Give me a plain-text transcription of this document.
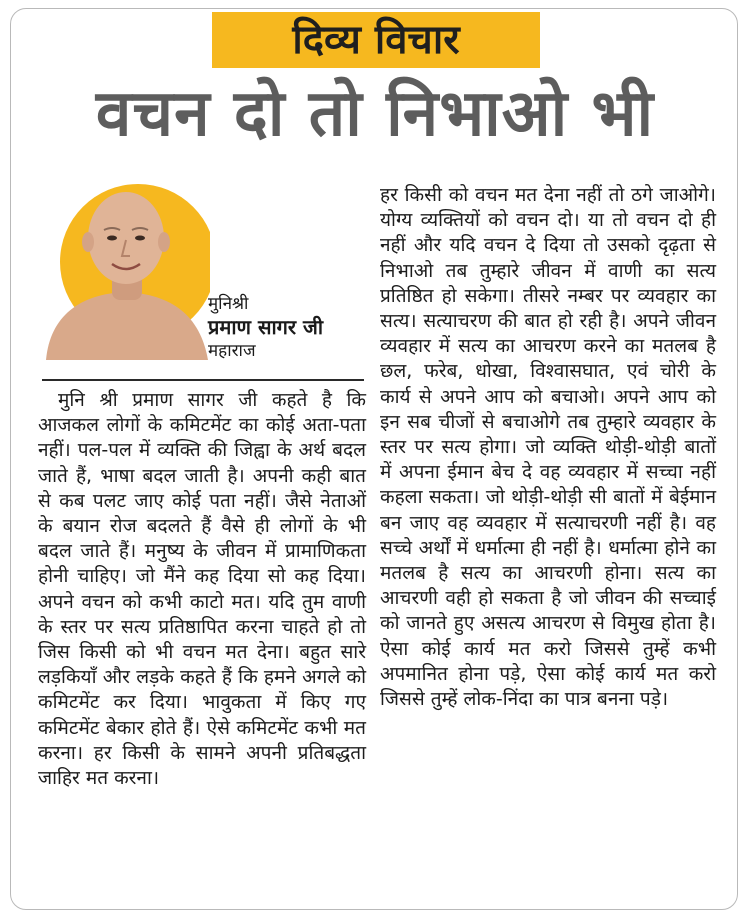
दिव्य विचार
वचन दो तो निभाओ भी
मुनिश्री
प्रमाण सागर जी
महाराज

मुनि श्री प्रमाण सागर जी कहते है कि आजकल लोगों के कमिटमेंट का कोई अता-पता नहीं। पल-पल में व्यक्ति की जिह्वा के अर्थ बदल जाते हैं, भाषा बदल जाती है। अपनी कही बात से कब पलट जाए कोई पता नहीं। जैसे नेताओं के बयान रोज बदलते हैं वैसे ही लोगों के भी बदल जाते हैं। मनुष्य के जीवन में प्रामाणिकता होनी चाहिए। जो मैंने कह दिया सो कह दिया। अपने वचन को कभी काटो मत। यदि तुम वाणी के स्तर पर सत्य प्रतिष्ठापित करना चाहते हो तो जिस किसी को भी वचन मत देना। बहुत सारे लड़कियाँ और लड़के कहते हैं कि हमने अगले को कमिटमेंट कर दिया। भावुकता में किए गए कमिटमेंट बेकार होते हैं। ऐसे कमिटमेंट कभी मत करना। हर किसी के सामने अपनी प्रतिबद्धता जाहिर मत करना।

हर किसी को वचन मत देना नहीं तो ठगे जाओगे। योग्य व्यक्तियों को वचन दो। या तो वचन दो ही नहीं और यदि वचन दे दिया तो उसको दृढ़ता से निभाओ तब तुम्हारे जीवन में वाणी का सत्य प्रतिष्ठित हो सकेगा। तीसरे नम्बर पर व्यवहार का सत्य। सत्याचरण की बात हो रही है। अपने जीवन व्यवहार में सत्य का आचरण करने का मतलब है छल, फरेब, धोखा, विश्वासघात, एवं चोरी के कार्य से अपने आप को बचाओ। अपने आप को इन सब चीजों से बचाओगे तब तुम्हारे व्यवहार के स्तर पर सत्य होगा। जो व्यक्ति थोड़ी-थोड़ी बातों में अपना ईमान बेच दे वह व्यवहार में सच्चा नहीं कहला सकता। जो थोड़ी-थोड़ी सी बातों में बेईमान बन जाए वह व्यवहार में सत्याचरणी नहीं है। वह सच्चे अर्थों में धर्मात्मा ही नहीं है। धर्मात्मा होने का मतलब है सत्य का आचरणी होना। सत्य का आचरणी वही हो सकता है जो जीवन की सच्चाई को जानते हुए असत्य आचरण से विमुख होता है। ऐसा कोई कार्य मत करो जिससे तुम्हें कभी अपमानित होना पड़े, ऐसा कोई कार्य मत करो जिससे तुम्हें लोक-निंदा का पात्र बनना पड़े।
